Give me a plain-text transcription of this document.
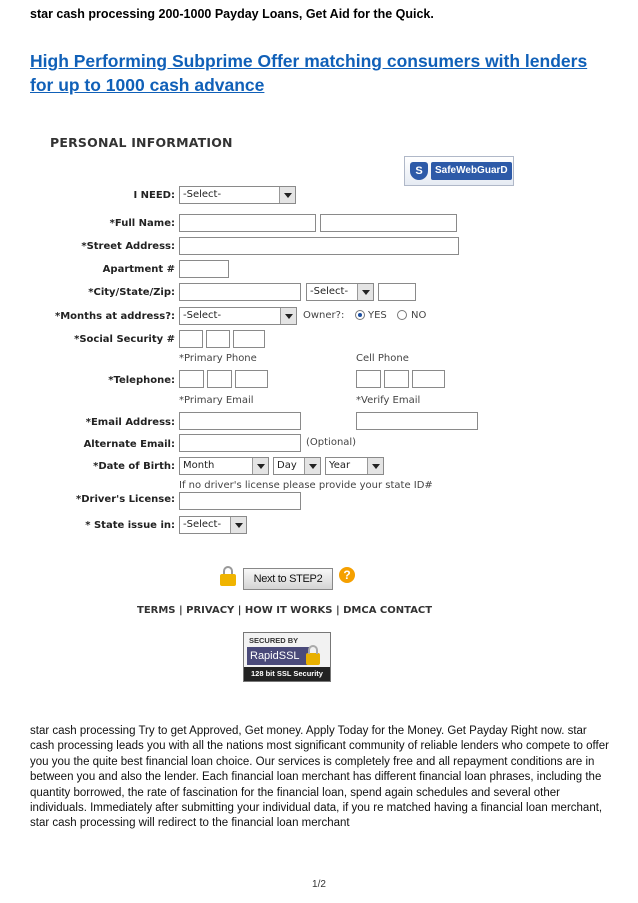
star cash processing 200-1000 Payday Loans, Get Aid for the Quick.
High Performing Subprime Offer matching consumers with lenders for up to 1000 cash advance
PERSONAL INFORMATION
S	SafeWebGuarD
I NEED: -Select-
*Full Name:
*Street Address:
Apartment #
*City/State/Zip:	-Select-
*Months at address?: -Select-	Owner?: YES NO
*Social Security #
*Primary Phone	Cell Phone
*Telephone:
*Primary Email	*Verify Email
*Email Address:
Alternate Email:	(Optional)
*Date of Birth: Month	Day	Year
If no driver's license please provide your state ID#
*Driver's License:
* State issue in: -Select-
Next to STEP2	?
TERMS | PRIVACY | HOW IT WORKS | DMCA CONTACT
SECURED BY
RapidSSL
128 bit SSL Security
star cash processing Try to get Approved, Get money. Apply Today for the Money. Get Payday Right now. star cash processing leads you with all the nations most significant community of reliable lenders who compete to offer you you the quite best financial loan choice. Our services is completely free and all repayment conditions are in between you and also the lender. Each financial loan merchant has different financial loan phrases, including the quantity borrowed, the rate of fascination for the financial loan, spend again schedules and several other individuals. Immediately after submitting your individual data, if you re matched having a financial loan merchant, star cash processing will redirect to the financial loan merchant
1/2
